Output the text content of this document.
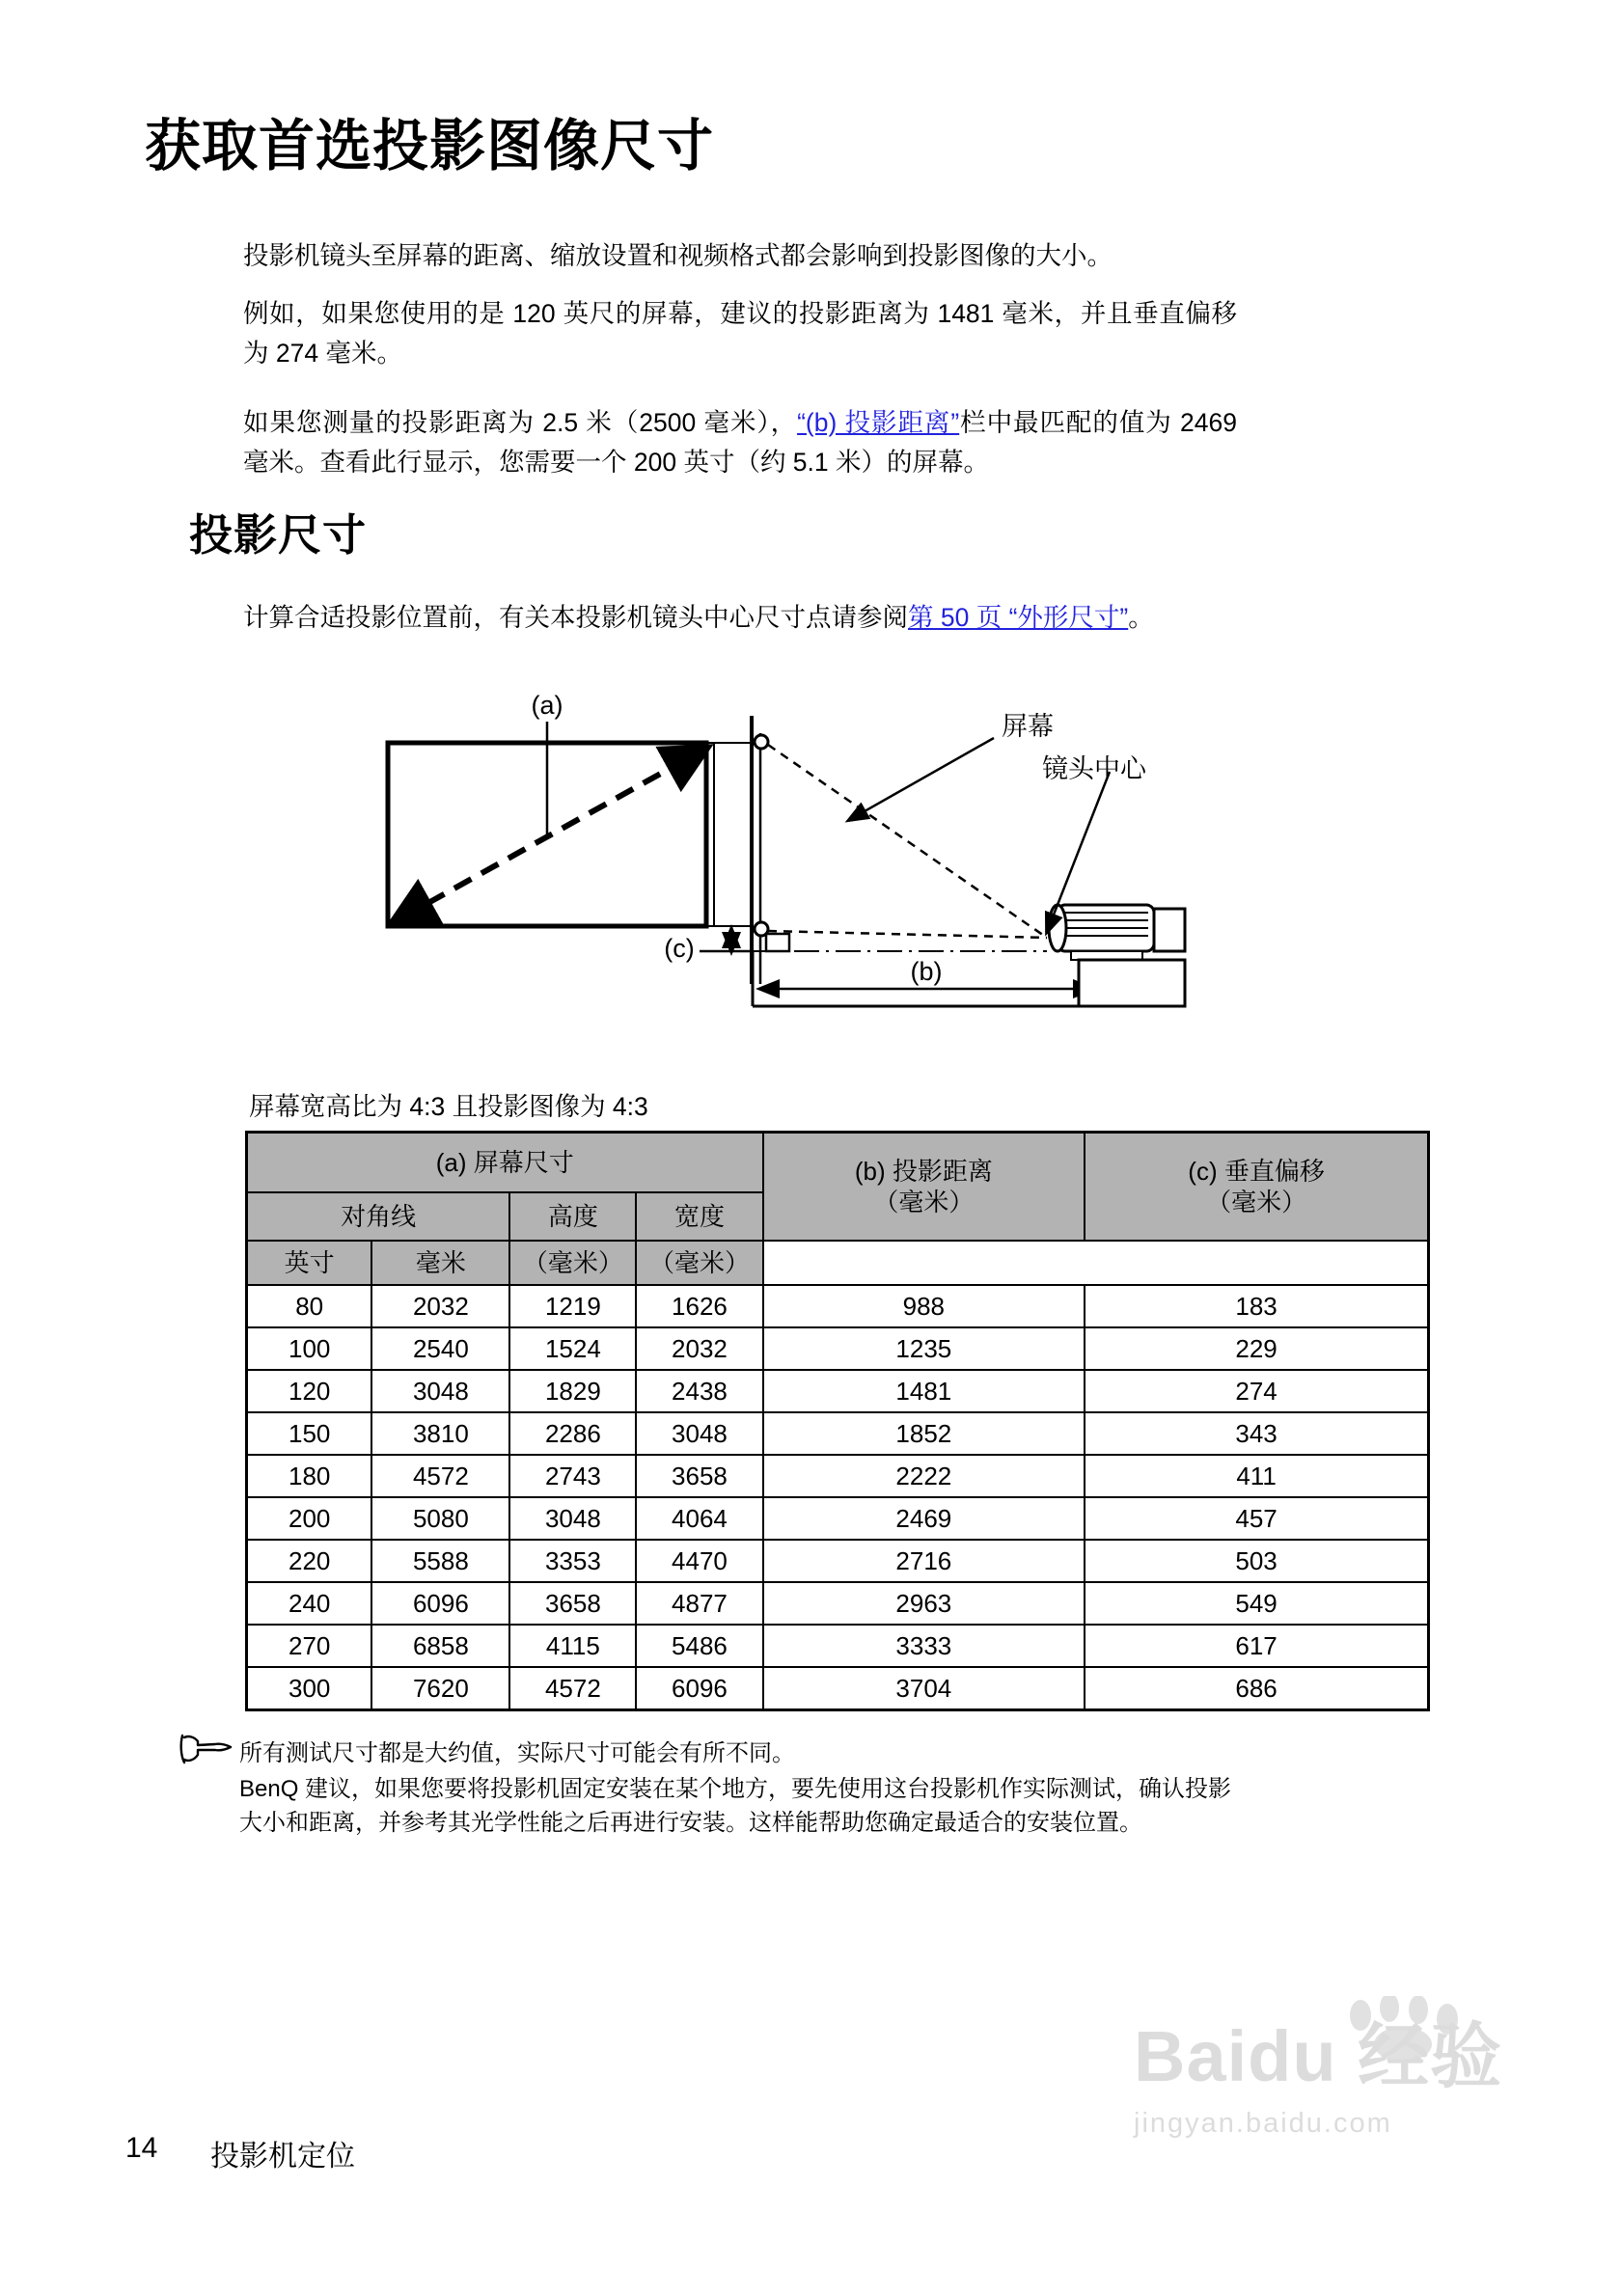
获取首选投影图像尺寸
投影机镜头至屏幕的距离、缩放设置和视频格式都会影响到投影图像的大小。
例如，如果您使用的是 120 英尺的屏幕，建议的投影距离为 1481 毫米，并且垂直偏移为 274 毫米。
如果您测量的投影距离为 2.5 米（2500 毫米），“(b) 投影距离”栏中最匹配的值为 2469 毫米。查看此行显示，您需要一个 200 英寸（约 5.1 米）的屏幕。
投影尺寸
计算合适投影位置前，有关本投影机镜头中心尺寸点请参阅第 50 页 “外形尺寸”。
(a)
(c)
(b)
屏幕
镜头中心
屏幕宽高比为 4:3 且投影图像为 4:3
(a) 屏幕尺寸	(b) 投影距离
（毫米）

(c) 垂直偏移
（毫米）

对角线		高度	宽度		

英寸	毫米	（毫米）	（毫米）		
80	2032	1219	1626	988	183
100	2540	1524	2032	1235	229
120	3048	1829	2438	1481	274
150	3810	2286	3048	1852	343
180	4572	2743	3658	2222	411
200	5080	3048	4064	2469	457
220	5588	3353	4470	2716	503
240	6096	3658	4877	2963	549
270	6858	4115	5486	3333	617
300	7620	4572	6096	3704	686
所有测试尺寸都是大约值，实际尺寸可能会有所不同。
BenQ 建议，如果您要将投影机固定安装在某个地方，要先使用这台投影机作实际测试，确认投影大小和距离，并参考其光学性能之后再进行安装。这样能帮助您确定最适合的安装位置。
14 投影机定位
Baidu 经验
jingyan.baidu.com
